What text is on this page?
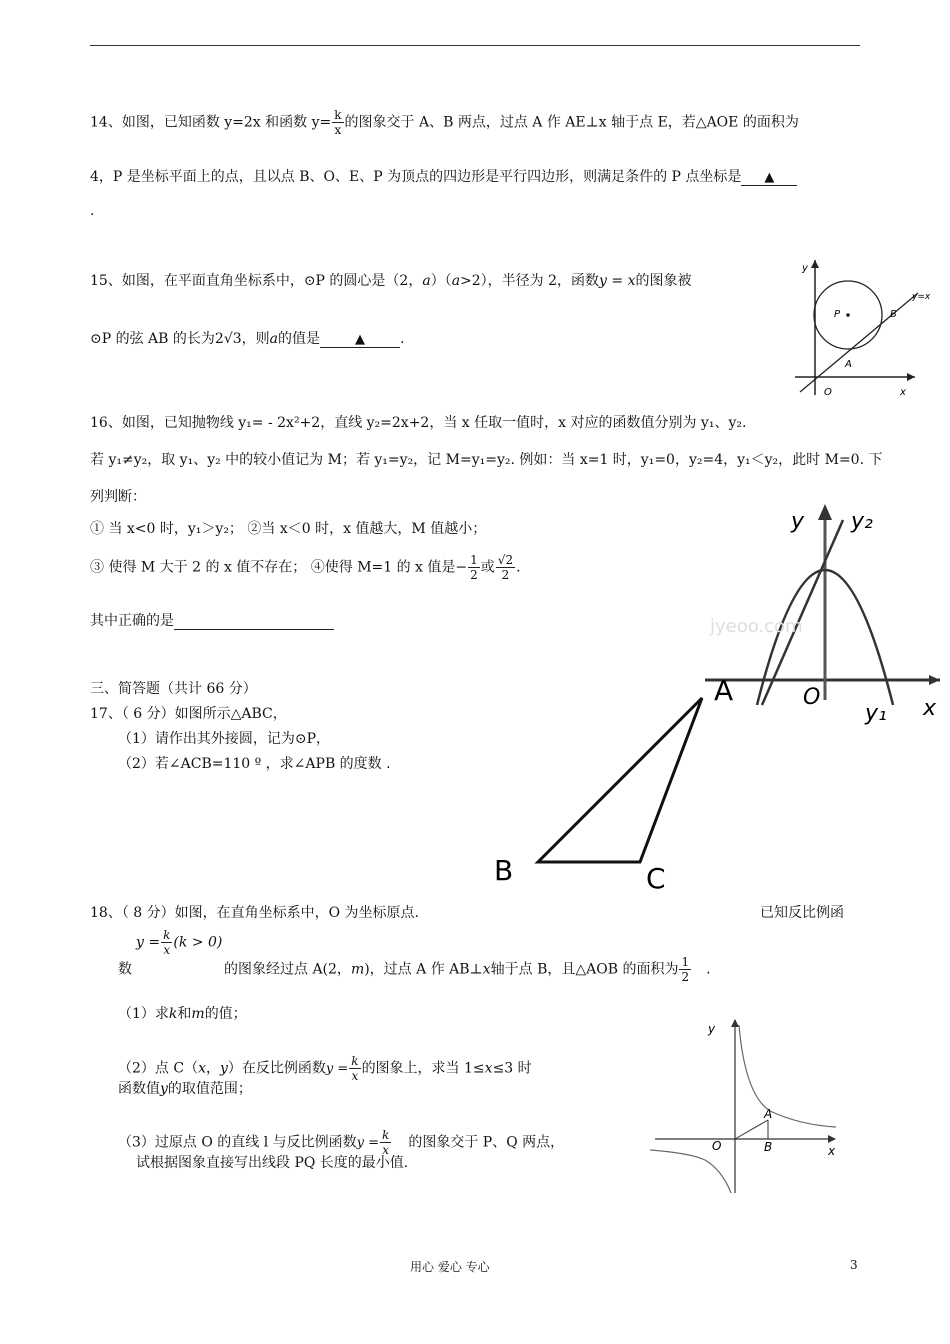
14、如图，已知函数 y=2x 和函数 $y= \frac{k}{x}$ 的图象交于 A、B 两点，过点 A 作 AE⊥x 轴于点 E，若△AOE 的面积为
4，P 是坐标平面上的点，且以点 B、O、E、P 为顶点的四边形是平行四边形，则满足条件的 P 点坐标是 ▲
.
15、如图，在平面直角坐标系中，⊙P 的圆心是（2，a）（a>2），半径为 2，函数y = x的图象被
⊙P 的弦 AB 的长为2√3，则a的值是	▲	.
y
x
O
P
A
B
y=x
16、如图，已知抛物线 y₁= - 2x²+2，直线 y₂=2x+2，当 x 任取一值时，x 对应的函数值分别为 y₁、y₂.
若 y₁≠y₂，取 y₁、y₂ 中的较小值记为 M；若 y₁=y₂，记 M=y₁=y₂. 例如：当 x=1 时，y₁=0，y₂=4，y₁＜y₂，此时 M=0. 下
列判断：
① 当 x<0 时，y₁＞y₂； ②当 x＜0 时，x 值越大，M 值越小；
③ 使得 M 大于 2 的 x 值不存在； ④使得 M=1 的 x 值是− $\frac{1}{2}$ 或 $\frac{√2}{2}$ .
其中正确的是
y y₂
y₁ x
O
jyeoo.com
三、简答题（共计 66 分）
17、（ 6 分）如图所示△ABC，
（1）请作出其外接圆，记为⊙P，
（2）若∠ACB=110 º ，求∠APB 的度数 .
A
B	C
18、（ 8 分）如图，在直角坐标系中，O 为坐标原点.	已知反比例函
$y = \frac{k}{x} (k > 0)$
数	的图象经过点 A(2，m)，过点 A 作 AB⊥x轴于点 B，且△AOB 的面积为 $\frac{1}{2}$ .
（1）求k和m的值；
（2）点 C（x，y）在反比例函数$y = \frac{k}{x}$ 的图象上，求当 1≤x≤3 时
函数值y的取值范围；
（3）过原点 O 的直线 l 与反比例函数$y = \frac{k}{x}$ 的图象交于 P、Q 两点，
试根据图象直接写出线段 PQ 长度的最小值.
y
x
O
A
B
用心 爱心 专心	3
